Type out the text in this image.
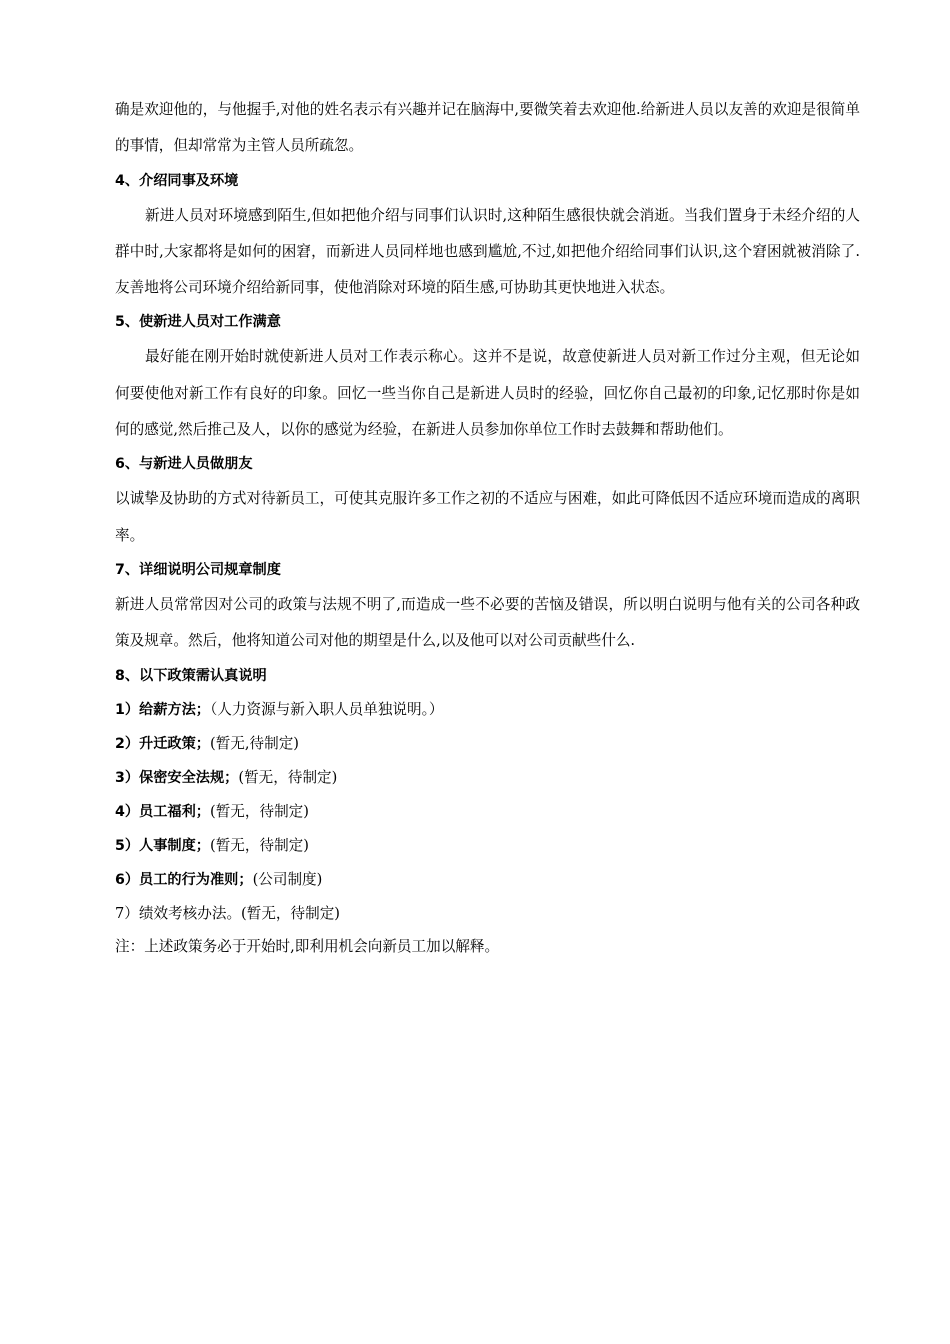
确是欢迎他的，与他握手,对他的姓名表示有兴趣并记在脑海中,要微笑着去欢迎他.给新进人员以友善的欢迎是很简单的事情，但却常常为主管人员所疏忽。

4、介绍同事及环境

新进人员对环境感到陌生,但如把他介绍与同事们认识时,这种陌生感很快就会消逝。当我们置身于未经介绍的人群中时,大家都将是如何的困窘，而新进人员同样地也感到尴尬,不过,如把他介绍给同事们认识,这个窘困就被消除了.友善地将公司环境介绍给新同事，使他消除对环境的陌生感,可协助其更快地进入状态。

5、使新进人员对工作满意

最好能在刚开始时就使新进人员对工作表示称心。这并不是说，故意使新进人员对新工作过分主观，但无论如何要使他对新工作有良好的印象。回忆一些当你自己是新进人员时的经验，回忆你自己最初的印象,记忆那时你是如何的感觉,然后推己及人，以你的感觉为经验，在新进人员参加你单位工作时去鼓舞和帮助他们。

6、与新进人员做朋友

以诚挚及协助的方式对待新员工，可使其克服许多工作之初的不适应与困难，如此可降低因不适应环境而造成的离职率。

7、详细说明公司规章制度

新进人员常常因对公司的政策与法规不明了,而造成一些不必要的苦恼及错误，所以明白说明与他有关的公司各种政策及规章。然后，他将知道公司对他的期望是什么,以及他可以对公司贡献些什么.

8、以下政策需认真说明

1）给薪方法；（人力资源与新入职人员单独说明。）

2）升迁政策；(暂无,待制定)

3）保密安全法规；(暂无，待制定)

4）员工福利；(暂无，待制定)

5）人事制度；(暂无，待制定)

6）员工的行为准则；(公司制度)

7）绩效考核办法。(暂无，待制定)

注：上述政策务必于开始时,即利用机会向新员工加以解释。
